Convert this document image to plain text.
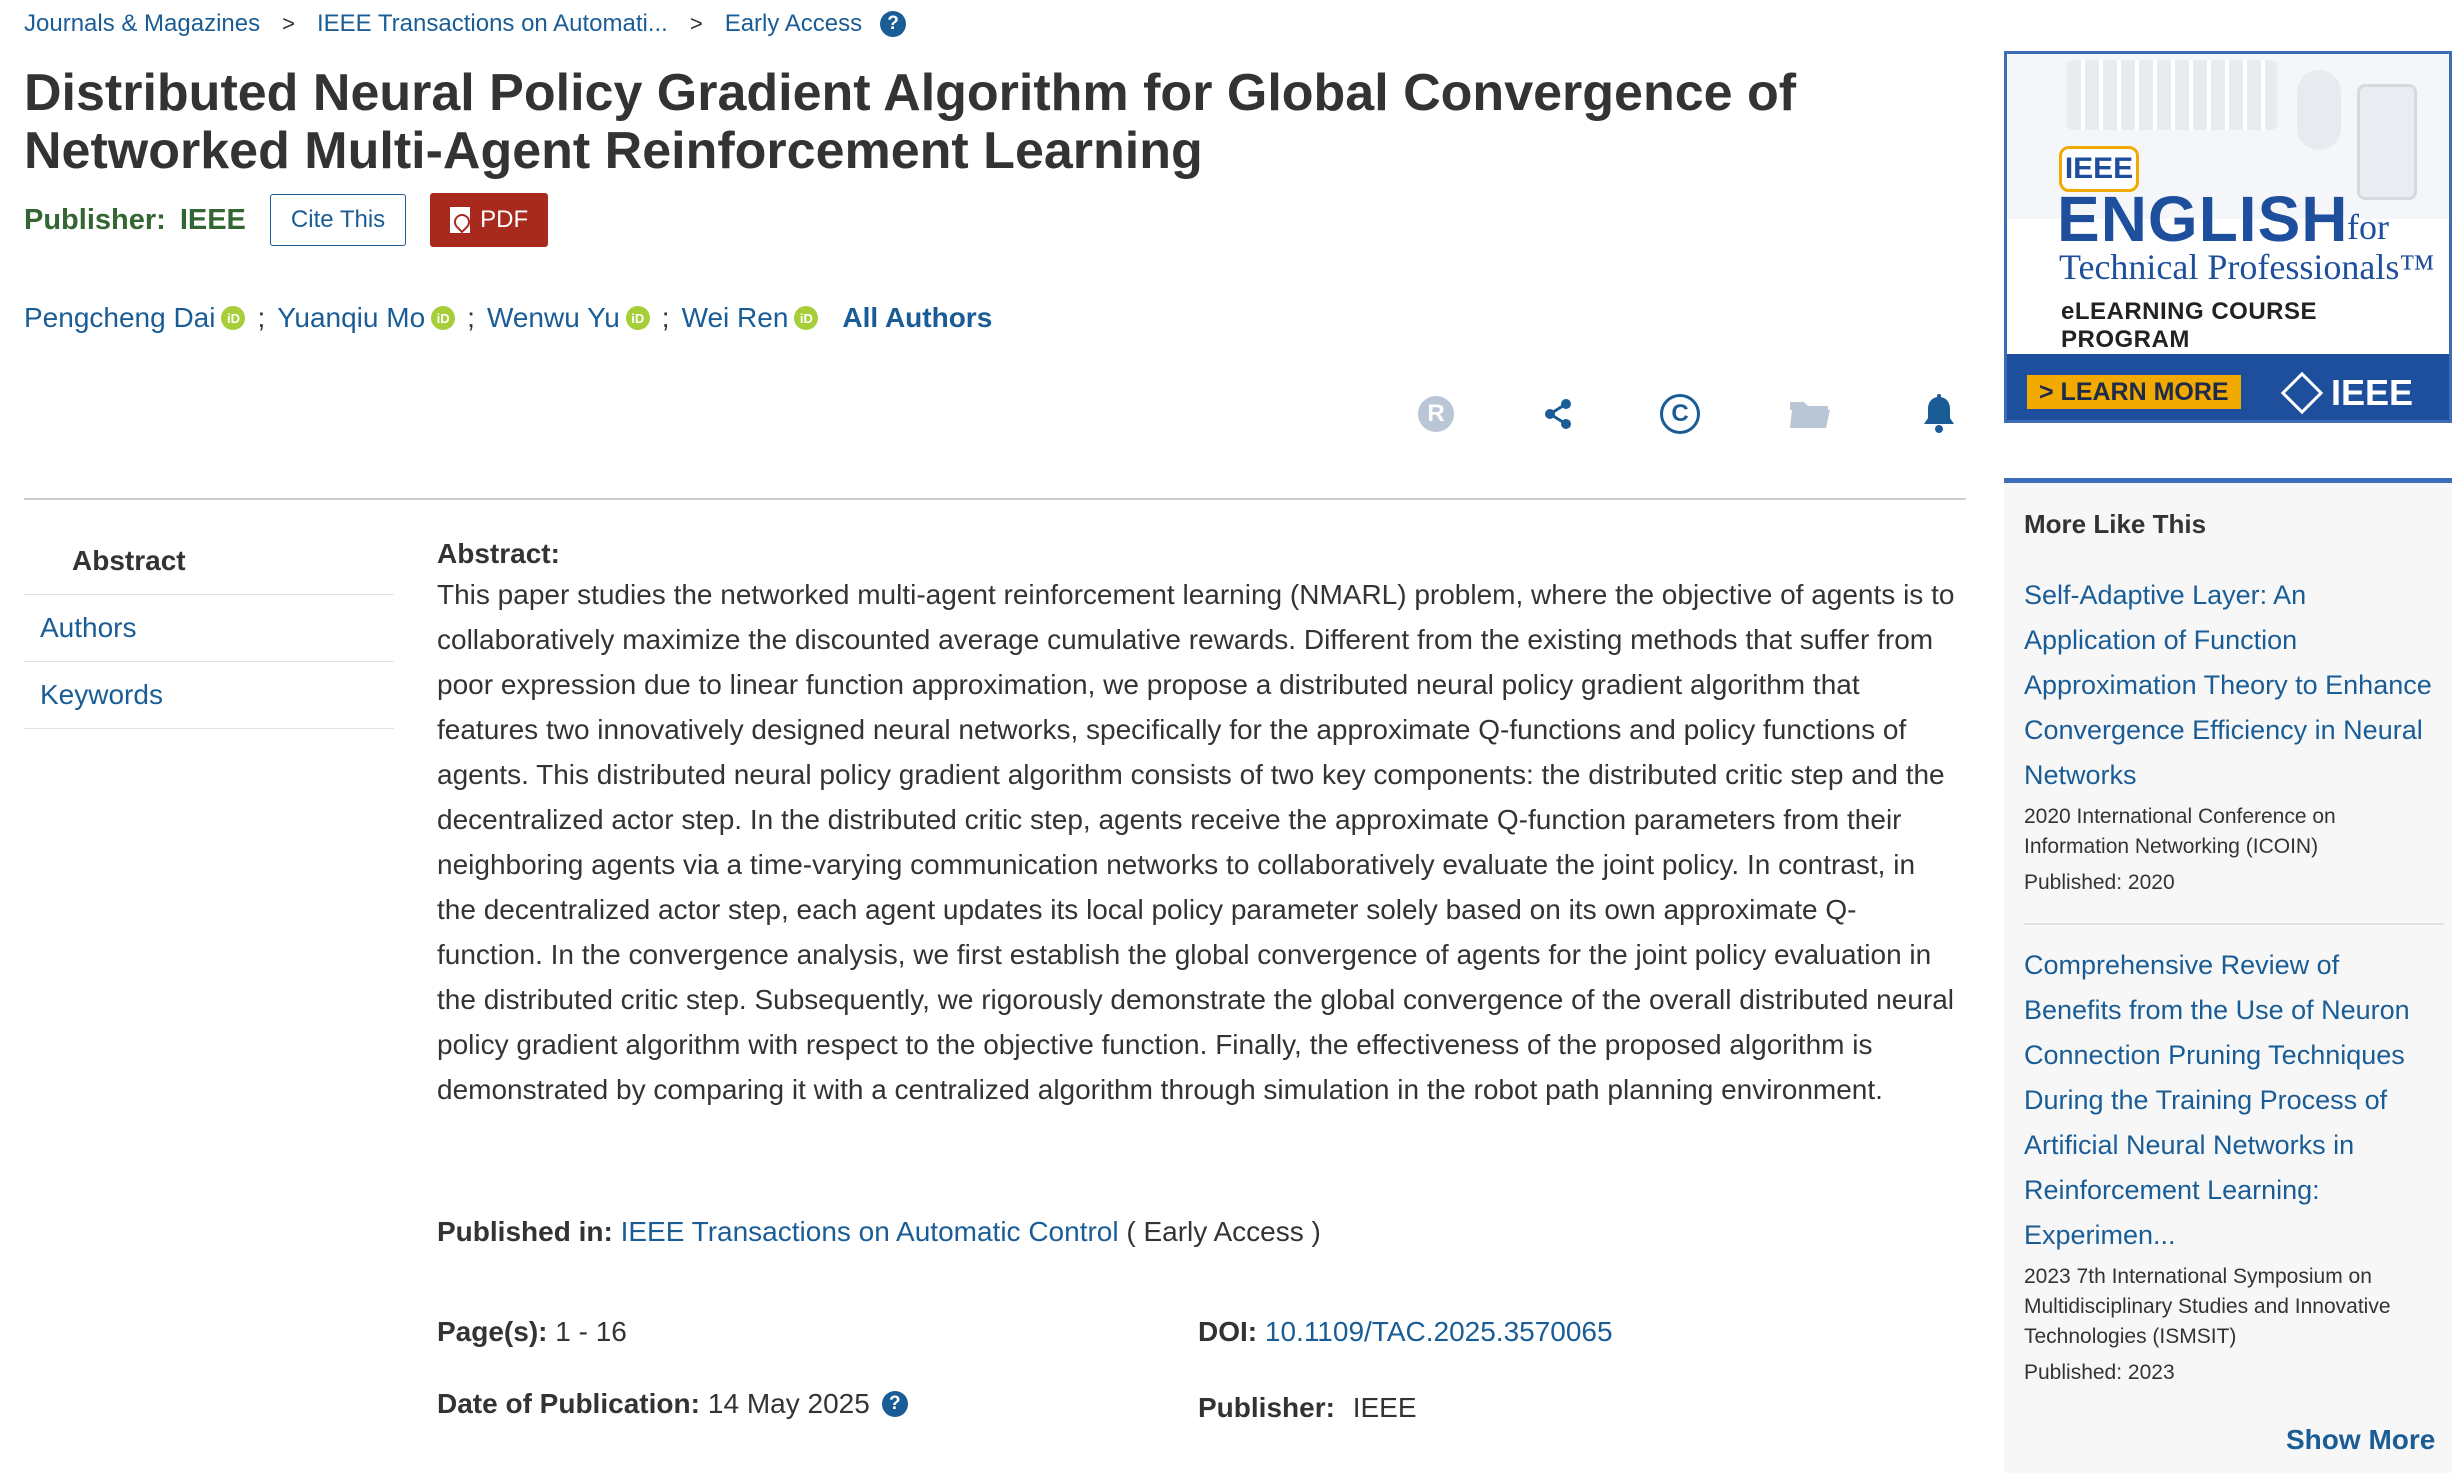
Journals & Magazines > IEEE Transactions on Automati... > Early Access	?
Distributed Neural Policy Gradient Algorithm for Global Convergence of Networked Multi-Agent Reinforcement Learning
Publisher: IEEE	Cite This	PDF
Pengcheng Dai iD ; Yuanqiu Mo iD ; Wenwu Yu iD ; Wei Ren iD All Authors
R	C
Abstract
Authors
Keywords
Abstract:

This paper studies the networked multi-agent reinforcement learning (NMARL) problem, where the objective of agents is to collaboratively maximize the discounted average cumulative rewards. Different from the existing methods that suffer from poor expression due to linear function approximation, we propose a distributed neural policy gradient algorithm that features two innovatively designed neural networks, specifically for the approximate Q-functions and policy functions of agents. This distributed neural policy gradient algorithm consists of two key components: the distributed critic step and the decentralized actor step. In the distributed critic step, agents receive the approximate Q-function parameters from their neighboring agents via a time-varying communication networks to collaboratively evaluate the joint policy. In contrast, in the decentralized actor step, each agent updates its local policy parameter solely based on its own approximate Q-function. In the convergence analysis, we first establish the global convergence of agents for the joint policy evaluation in the distributed critic step. Subsequently, we rigorously demonstrate the global convergence of the overall distributed neural policy gradient algorithm with respect to the objective function. Finally, the effectiveness of the proposed algorithm is demonstrated by comparing it with a centralized algorithm through simulation in the robot path planning environment.

Published in: IEEE Transactions on Automatic Control ( Early Access )
Page(s): 1 - 16	DOI: 10.1109/TAC.2025.3570065
Date of Publication: 14 May 2025	?	Publisher: IEEE
IEEE
ENGLISH
for
Technical Professionals™
eLEARNING COURSE PROGRAM
> LEARN MORE	IEEE
More Like This
Self-Adaptive Layer: An Application of Function Approximation Theory to Enhance Convergence Efficiency in Neural Networks
2020 International Conference on Information Networking (ICOIN)
Published: 2020
Comprehensive Review of Benefits from the Use of Neuron Connection Pruning Techniques During the Training Process of Artificial Neural Networks in Reinforcement Learning: Experimen...
2023 7th International Symposium on Multidisciplinary Studies and Innovative Technologies (ISMSIT)
Published: 2023
Show More
